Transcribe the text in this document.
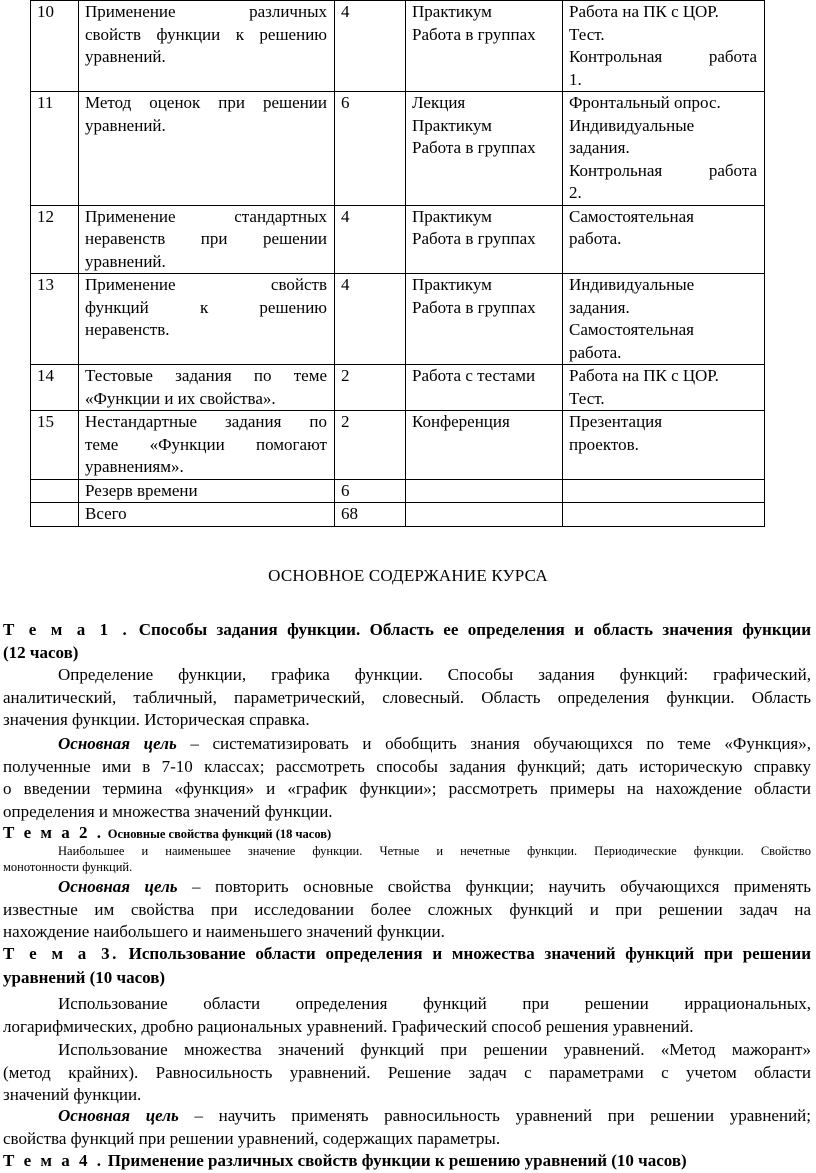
10	Применение различных
свойств функции к решению
уравнений.	4	Практикум
Работа в группах	Работа на ПК с ЦОР.
Тест.
Контрольная работа
1.

11	Метод оценок при решении
уравнений.	6	Лекция
Практикум
Работа в группах	Фронтальный опрос.
Индивидуальные
задания.
Контрольная работа
2.

12	Применение стандартных
неравенств при решении
уравнений.	4	Практикум
Работа в группах	Самостоятельная
работа.

13	Применение свойств
функций к решению
неравенств.	4	Практикум
Работа в группах	Индивидуальные
задания.
Самостоятельная
работа.

14	Тестовые задания по теме
«Функции и их свойства».	2	Работа с тестами	Работа на ПК с ЦОР.
Тест.

15	Нестандартные задания по
теме «Функции помогают
уравнениям».	2	Конференция	Презентация
проектов.

	Резерв времени	6		
	Всего	68		
ОСНОВНОЕ СОДЕРЖАНИЕ КУРСА
Т е м а 1 . Способы задания функции. Область ее определения и область значения функции
(12 часов)
Определение функции, графика функции. Способы задания функций: графический,
аналитический, табличный, параметрический, словесный. Область определения функции. Область
значения функции. Историческая справка.
Основная цель – систематизировать и обобщить знания обучающихся по теме «Функция»,
полученные ими в 7-10 классах; рассмотреть способы задания функций; дать историческую справку
о введении термина «функция» и «график функции»; рассмотреть примеры на нахождение области
определения и множества значений функции.
Т е м а 2 . Основные свойства функций (18 часов)
Наибольшее и наименьшее значение функции. Четные и нечетные функции. Периодические функции. Свойство
монотонности функций.
Основная цель – повторить основные свойства функции; научить обучающихся применять
известные им свойства при исследовании более сложных функций и при решении задач на
нахождение наибольшего и наименьшего значений функции.
Т е м а 3. Использование области определения и множества значений функций при решении
уравнений (10 часов)
Использование области определения функций при решении иррациональных,
логарифмических, дробно рациональных уравнений. Графический способ решения уравнений.
Использование множества значений функций при решении уравнений. «Метод мажорант»
(метод крайних). Равносильность уравнений. Решение задач с параметрами с учетом области
значений функции.
Основная цель – научить применять равносильность уравнений при решении уравнений;
свойства функций при решении уравнений, содержащих параметры.
Т е м а 4 . Применение различных свойств функции к решению уравнений (10 часов)
